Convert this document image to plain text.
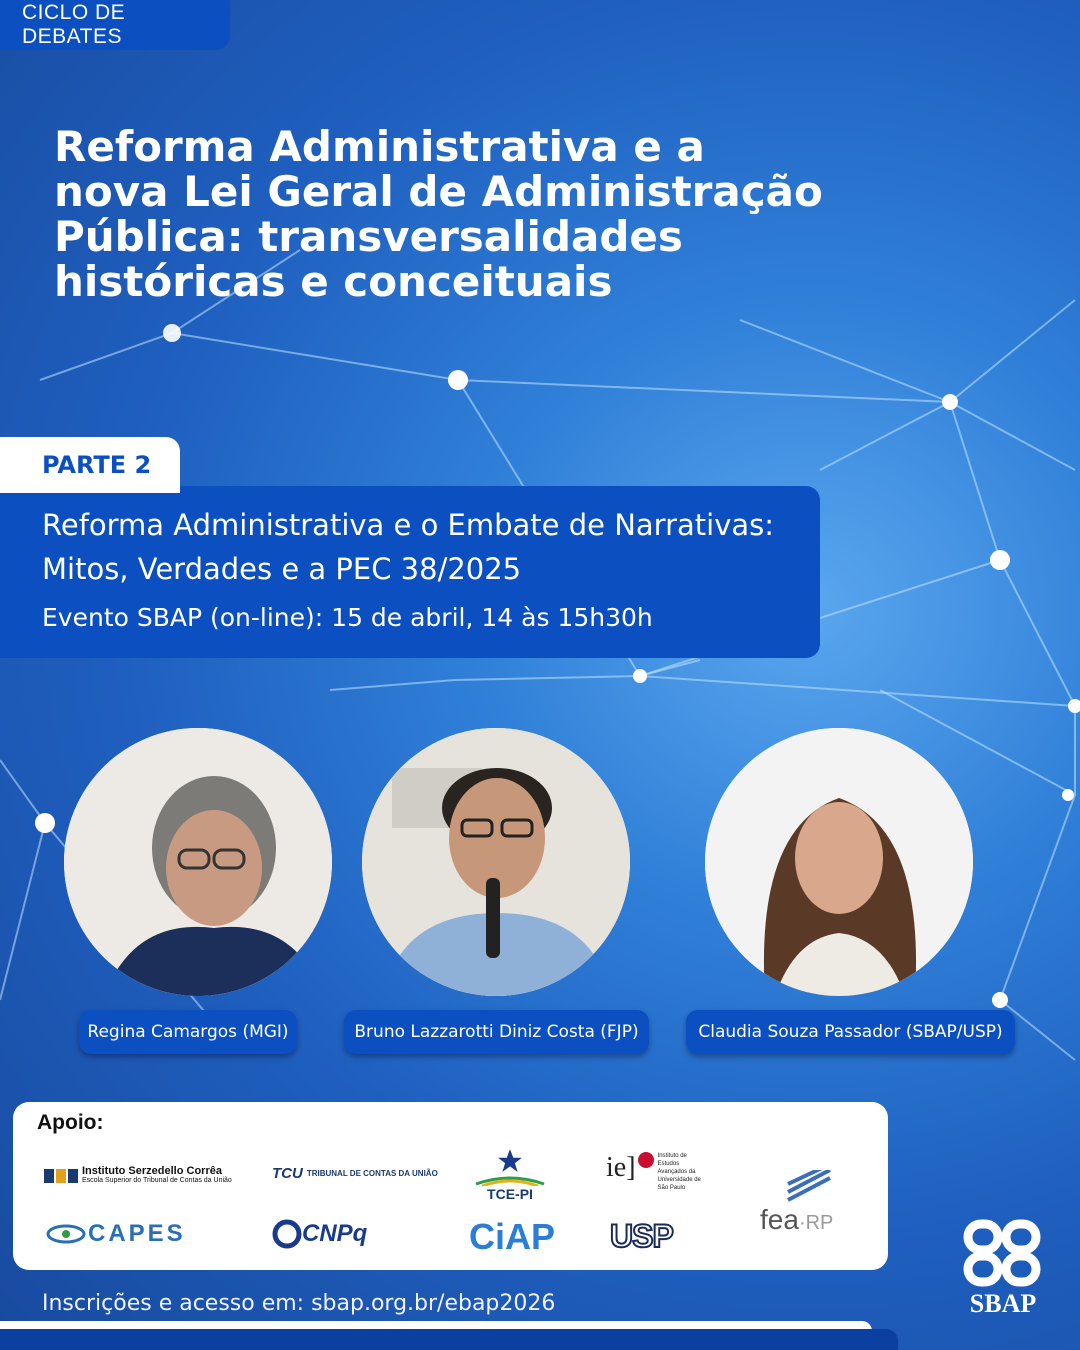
CICLO DE DEBATES
Reforma Administrativa e a
nova Lei Geral de Administração
Pública: transversalidades
históricas e conceituais
PARTE 2
Reforma Administrativa e o Embate de Narrativas:
Mitos, Verdades e a PEC 38/2025
Evento SBAP (on-line): 15 de abril, 14 às 15h30h
Regina Camargos (MGI)	Bruno Lazzarotti Diniz Costa (FJP)	Claudia Souza Passador (SBAP/USP)
Apoio:
Instituto Serzedello Corrêa
Escola Superior do Tribunal de Contas da União	TCU TRIBUNAL DE CONTAS DA UNIÃO
TCE-PI
ie]	Instituto de Estudos Avançados da Universidade de São Paulo
fea·RP
CAPES	CNPq	CiAP USP
Inscrições e acesso em: sbap.org.br/ebap2026	SBAP
